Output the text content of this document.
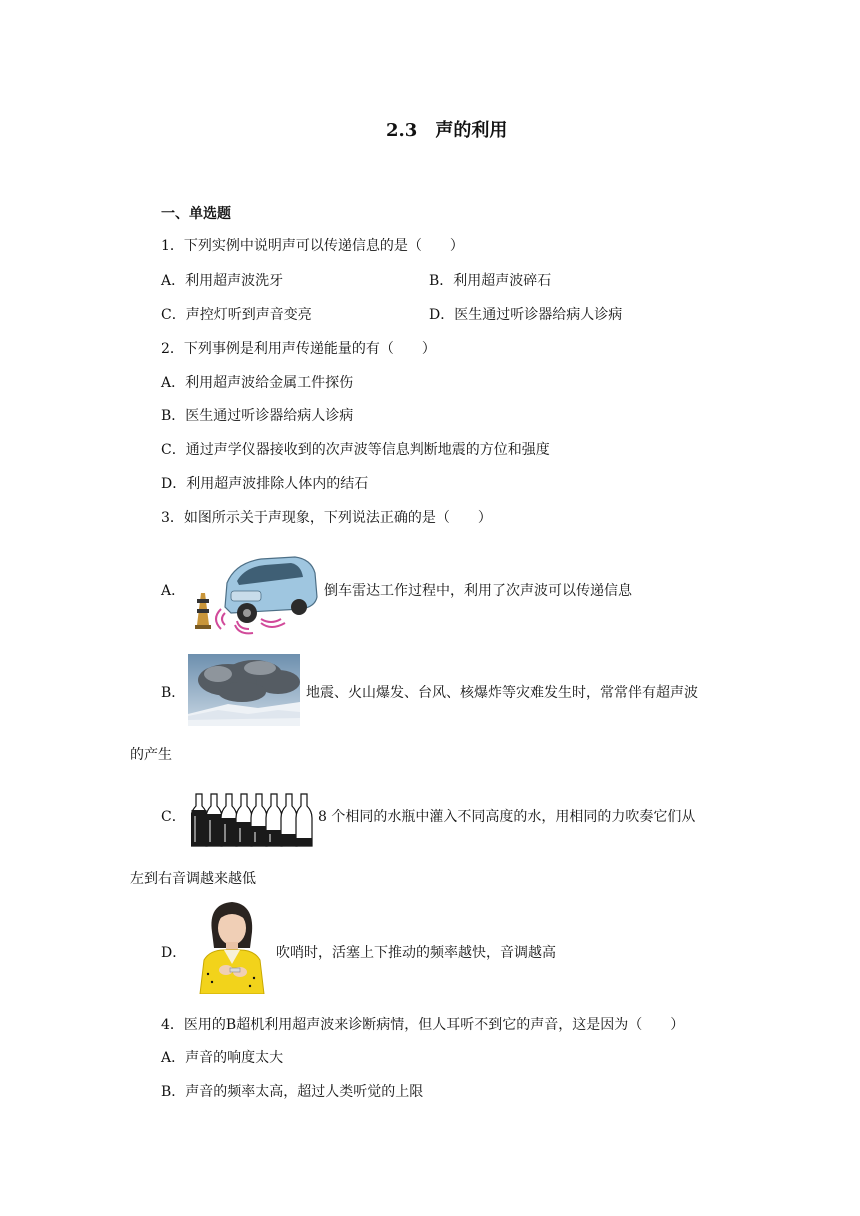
2.3　声的利用
一、单选题
1．下列实例中说明声可以传递信息的是（　　）
A．利用超声波洗牙	B．利用超声波碎石
C．声控灯听到声音变亮	D．医生通过听诊器给病人诊病
2．下列事例是利用声传递能量的有（　　）
A．利用超声波给金属工件探伤
B．医生通过听诊器给病人诊病
C．通过声学仪器接收到的次声波等信息判断地震的方位和强度
D．利用超声波排除人体内的结石
3．如图所示关于声现象，下列说法正确的是（　　）
A．	倒车雷达工作过程中，利用了次声波可以传递信息
B．	地震、火山爆发、台风、核爆炸等灾难发生时，常常伴有超声波
的产生
C．	8 个相同的水瓶中灌入不同高度的水，用相同的力吹奏它们从
左到右音调越来越低
D．	吹哨时，活塞上下推动的频率越快，音调越高
4．医用的B超机利用超声波来诊断病情，但人耳听不到它的声音，这是因为（　　）
A．声音的响度太大
B．声音的频率太高，超过人类听觉的上限
